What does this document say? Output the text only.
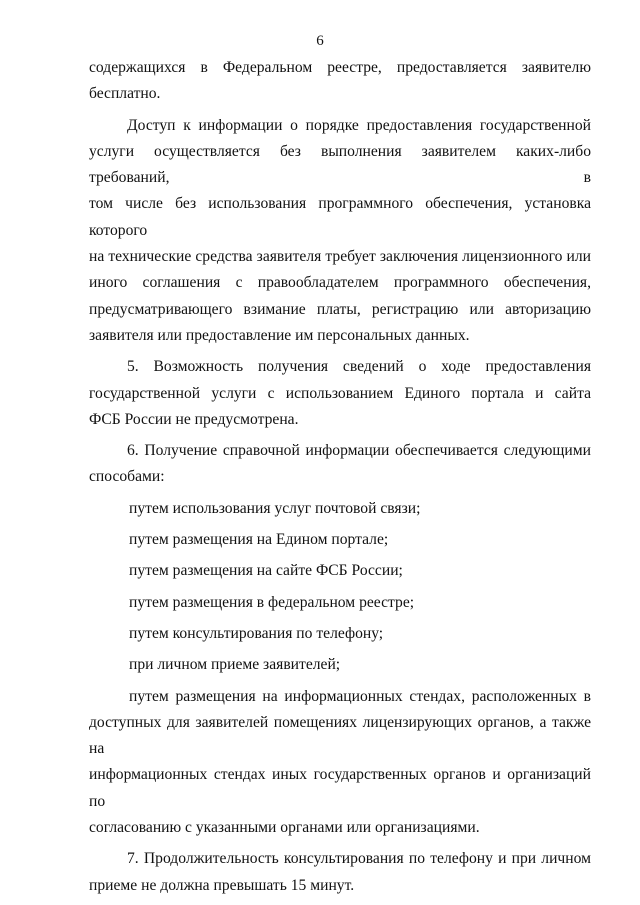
6
содержащихся в Федеральном реестре, предоставляется заявителю
бесплатно.
Доступ к информации о порядке предоставления государственной
услуги осуществляется без выполнения заявителем каких-либо требований, в
том числе без использования программного обеспечения, установка которого
на технические средства заявителя требует заключения лицензионного или
иного соглашения с правообладателем программного обеспечения,
предусматривающего взимание платы, регистрацию или авторизацию
заявителя или предоставление им персональных данных.
5. Возможность получения сведений о ходе предоставления
государственной услуги с использованием Единого портала и сайта
ФСБ России не предусмотрена.
6. Получение справочной информации обеспечивается следующими
способами:
путем использования услуг почтовой связи;
путем размещения на Едином портале;
путем размещения на сайте ФСБ России;
путем размещения в федеральном реестре;
путем консультирования по телефону;
при личном приеме заявителей;
путем размещения на информационных стендах, расположенных в
доступных для заявителей помещениях лицензирующих органов, а также на
информационных стендах иных государственных органов и организаций по
согласованию с указанными органами или организациями.
7. Продолжительность консультирования по телефону и при личном
приеме не должна превышать 15 минут.
